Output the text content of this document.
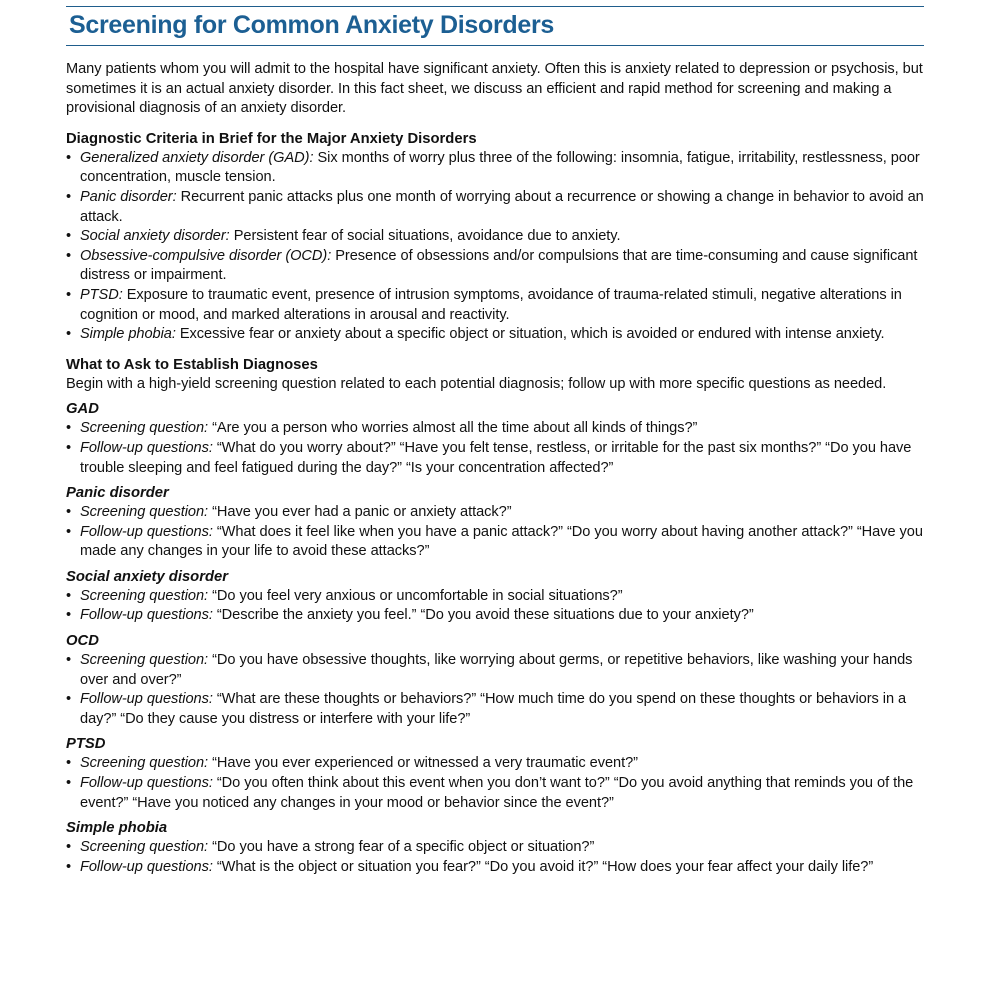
Screening for Common Anxiety Disorders

Many patients whom you will admit to the hospital have significant anxiety. Often this is anxiety related to depression or psychosis, but sometimes it is an actual anxiety disorder. In this fact sheet, we discuss an efficient and rapid method for screening and making a provisional diagnosis of an anxiety disorder.

Diagnostic Criteria in Brief for the Major Anxiety Disorders
• Generalized anxiety disorder (GAD): Six months of worry plus three of the following: insomnia, fatigue, irritability, restlessness, poor concentration, muscle tension.
• Panic disorder: Recurrent panic attacks plus one month of worrying about a recurrence or showing a change in behavior to avoid an attack.
• Social anxiety disorder: Persistent fear of social situations, avoidance due to anxiety.
• Obsessive-compulsive disorder (OCD): Presence of obsessions and/or compulsions that are time-consuming and cause significant distress or impairment.
• PTSD: Exposure to traumatic event, presence of intrusion symptoms, avoidance of trauma-related stimuli, negative alterations in cognition or mood, and marked alterations in arousal and reactivity.
• Simple phobia: Excessive fear or anxiety about a specific object or situation, which is avoided or endured with intense anxiety.
What to Ask to Establish Diagnoses

Begin with a high-yield screening question related to each potential diagnosis; follow up with more specific questions as needed.

GAD
• Screening question: “Are you a person who worries almost all the time about all kinds of things?”
• Follow-up questions: “What do you worry about?” “Have you felt tense, restless, or irritable for the past six months?” “Do you have trouble sleeping and feel fatigued during the day?” “Is your concentration affected?”
Panic disorder
• Screening question: “Have you ever had a panic or anxiety attack?”
• Follow-up questions: “What does it feel like when you have a panic attack?” “Do you worry about having another attack?” “Have you made any changes in your life to avoid these attacks?”
Social anxiety disorder
• Screening question: “Do you feel very anxious or uncomfortable in social situations?”
• Follow-up questions: “Describe the anxiety you feel.” “Do you avoid these situations due to your anxiety?”
OCD
• Screening question: “Do you have obsessive thoughts, like worrying about germs, or repetitive behaviors, like washing your hands over and over?”
• Follow-up questions: “What are these thoughts or behaviors?” “How much time do you spend on these thoughts or behaviors in a day?” “Do they cause you distress or interfere with your life?”
PTSD
• Screening question: “Have you ever experienced or witnessed a very traumatic event?”
• Follow-up questions: “Do you often think about this event when you don’t want to?” “Do you avoid anything that reminds you of the event?” “Have you noticed any changes in your mood or behavior since the event?”
Simple phobia
• Screening question: “Do you have a strong fear of a specific object or situation?”
• Follow-up questions: “What is the object or situation you fear?” “Do you avoid it?” “How does your fear affect your daily life?”
